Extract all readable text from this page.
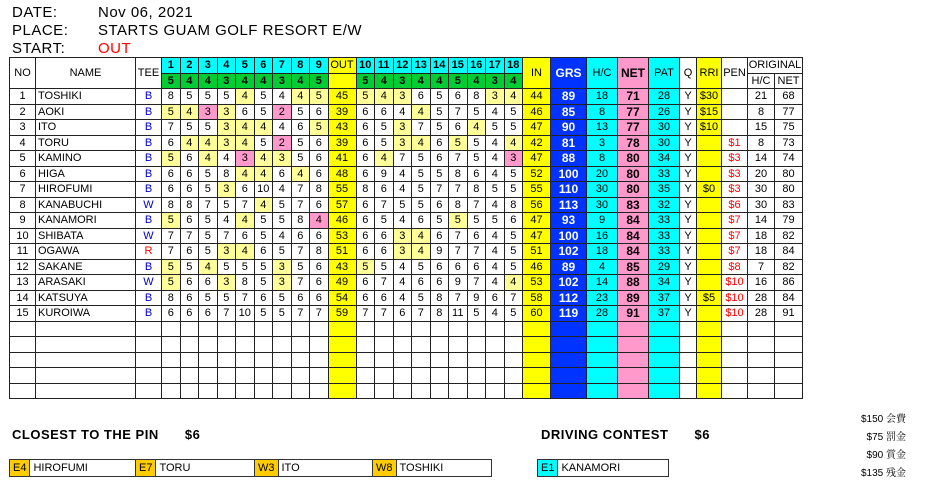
DATE:	Nov 06, 2021
PLACE: STARTS GUAM GOLF RESORT E/W
START: OUT
NO	NAME	TEE	1	2	3	4	5	6	7	8	9	OUT	10	11	12	13	14	15	16	17	18	IN	GRS	H/C	NET	PAT	Q	RRI	PEN	ORIGINAL	
			5	4	4	3	4	4	3	4	5		5	4	3	4	4	5	4	3	4									H/C	NET
1	TOSHIKI	B	8	5	5	5	4	5	4	4	5	45	5	4	3	6	5	6	8	3	4	44	89	18	71	28	Y	$30		21	68
2	AOKI	B	5	4	3	3	6	5	2	5	6	39	6	6	4	4	5	7	5	4	5	46	85	8	77	26	Y	$15		8	77
3	ITO	B	7	5	5	3	4	4	4	6	5	43	6	5	3	7	5	6	4	5	5	47	90	13	77	30	Y	$10		15	75
4	TORU	B	6	4	4	3	4	5	2	5	6	39	6	5	3	4	6	5	5	4	4	42	81	3	78	30	Y		$1	8	73
5	KAMINO	B	5	6	4	4	3	4	3	5	6	41	6	4	7	5	6	7	5	4	3	47	88	8	80	34	Y		$3	14	74
6	HIGA	B	6	6	5	8	4	4	6	4	6	48	6	9	4	5	5	8	6	4	5	52	100	20	80	33	Y		$3	20	80
7	HIROFUMI	B	6	6	5	3	6	10	4	7	8	55	8	6	4	5	7	7	8	5	5	55	110	30	80	35	Y	$0	$3	30	80
8	KANABUCHI	W	8	8	7	5	7	4	5	7	6	57	6	7	5	5	6	8	7	4	8	56	113	30	83	32	Y		$6	30	83
9	KANAMORI	B	5	6	5	4	4	5	5	8	4	46	6	5	4	6	5	5	5	5	6	47	93	9	84	33	Y		$7	14	79
10	SHIBATA	W	7	7	5	7	6	5	4	6	6	53	6	6	3	4	6	7	6	4	5	47	100	16	84	33	Y		$7	18	82
11	OGAWA	R	7	6	5	3	4	6	5	7	8	51	6	6	3	4	9	7	7	4	5	51	102	18	84	33	Y		$7	18	84
12	SAKANE	B	5	5	4	5	5	5	3	5	6	43	5	5	4	5	6	6	6	4	5	46	89	4	85	29	Y		$8	7	82
13	ARASAKI	W	5	6	6	3	8	5	3	7	6	49	6	7	4	6	6	9	7	4	4	53	102	14	88	34	Y		$10	16	86
14	KATSUYA	B	8	6	5	5	7	6	5	6	6	54	6	6	4	5	8	7	9	6	7	58	112	23	89	37	Y	$5	$10	28	84
15	KUROIWA	B	6	6	6	7	10	5	5	7	7	59	7	7	6	7	8	11	5	4	5	60	119	28	91	37	Y		$10	28	91

CLOSEST TO THE PIN $6	DRIVING CONTEST $6
E4 HIROFUMI	E7 TORU	W3 ITO	W8 TOSHIKI	E1 KANAMORI
$150 会費
$75 罰金
$90 賞金
$135 残金
